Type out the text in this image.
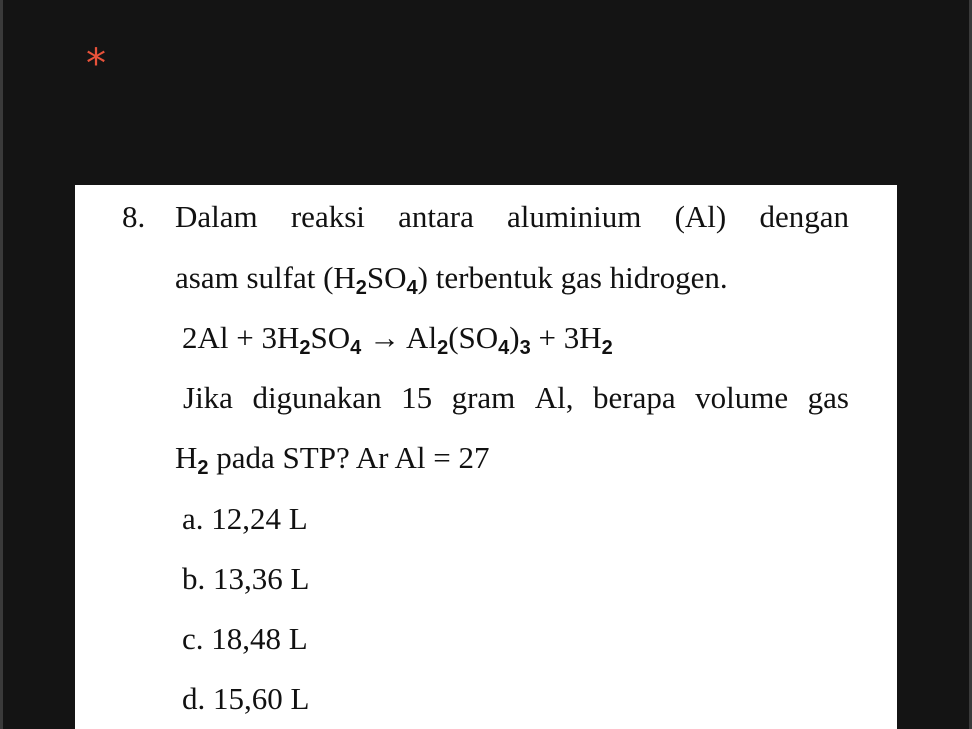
*
8. Dalam reaksi antara aluminium (Al) dengan
asam sulfat $(H_2SO_4)$ terbentuk gas hidrogen.
$2Al + 3H_2SO_4 \to Al_2(SO_4)_3 + 3H_2$
Jika digunakan 15 gram Al, berapa volume gas
$H_2$ pada STP? Ar Al = 27
a. 12,24 L
b. 13,36 L
c. 18,48 L
d. 15,60 L
